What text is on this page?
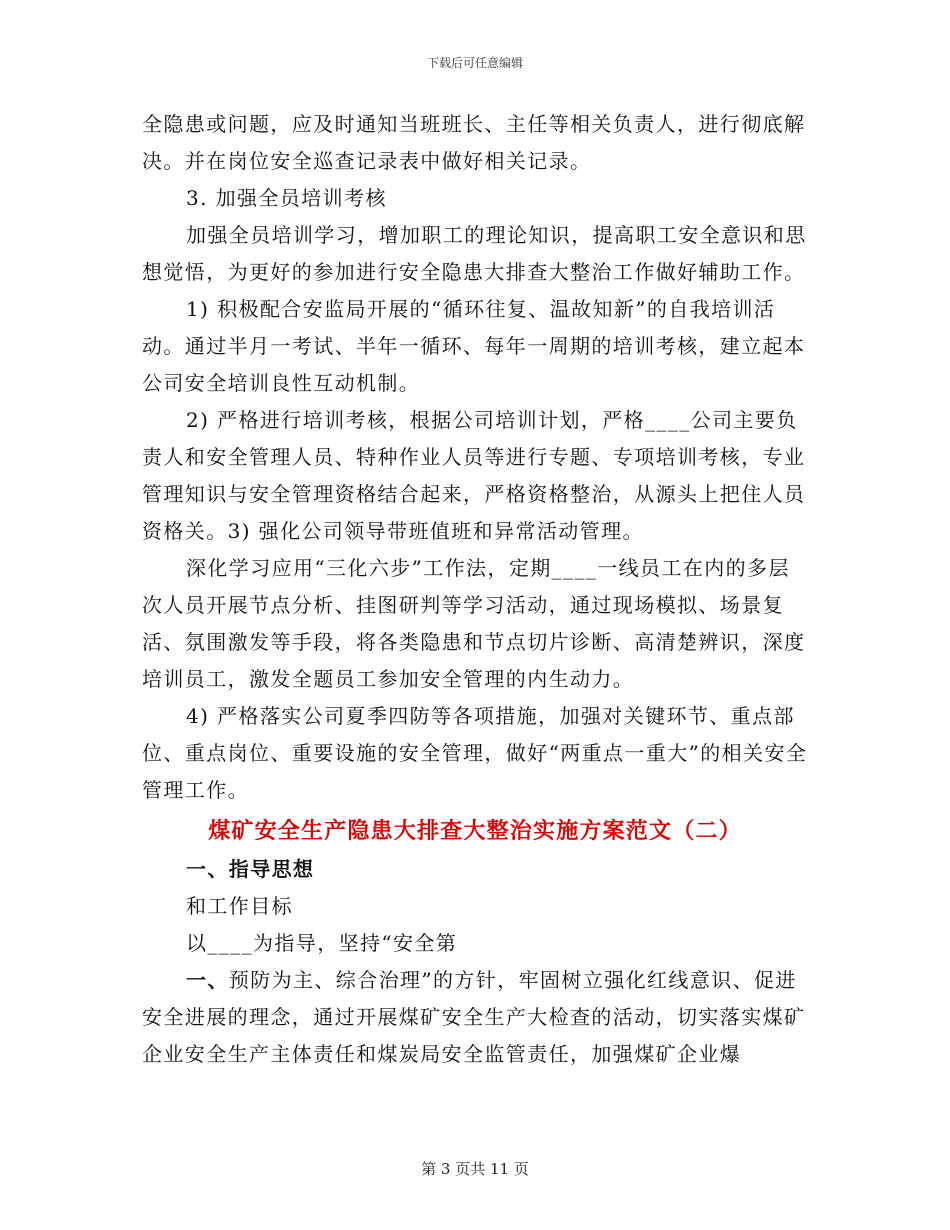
下载后可任意编辑

全隐患或问题，应及时通知当班班长、主任等相关负责人，进行彻底解决。并在岗位安全巡查记录表中做好相关记录。

3. 加强全员培训考核

加强全员培训学习，增加职工的理论知识，提高职工安全意识和思想觉悟，为更好的参加进行安全隐患大排查大整治工作做好辅助工作。

1) 积极配合安监局开展的“循环往复、温故知新”的自我培训活动。通过半月一考试、半年一循环、每年一周期的培训考核，建立起本公司安全培训良性互动机制。

2) 严格进行培训考核，根据公司培训计划，严格____公司主要负责人和安全管理人员、特种作业人员等进行专题、专项培训考核，专业管理知识与安全管理资格结合起来，严格资格整治，从源头上把住人员资格关。3) 强化公司领导带班值班和异常活动管理。

深化学习应用“三化六步”工作法，定期____一线员工在内的多层次人员开展节点分析、挂图研判等学习活动，通过现场模拟、场景复活、氛围激发等手段，将各类隐患和节点切片诊断、高清楚辨识，深度培训员工，激发全题员工参加安全管理的内生动力。

4) 严格落实公司夏季四防等各项措施，加强对关键环节、重点部位、重点岗位、重要设施的安全管理，做好“两重点一重大”的相关安全管理工作。

煤矿安全生产隐患大排查大整治实施方案范文（二）

一、指导思想

和工作目标

以____为指导，坚持“安全第

一、预防为主、综合治理”的方针，牢固树立强化红线意识、促进安全进展的理念，通过开展煤矿安全生产大检查的活动，切实落实煤矿企业安全生产主体责任和煤炭局安全监管责任，加强煤矿企业爆

第 3 页共 11 页
